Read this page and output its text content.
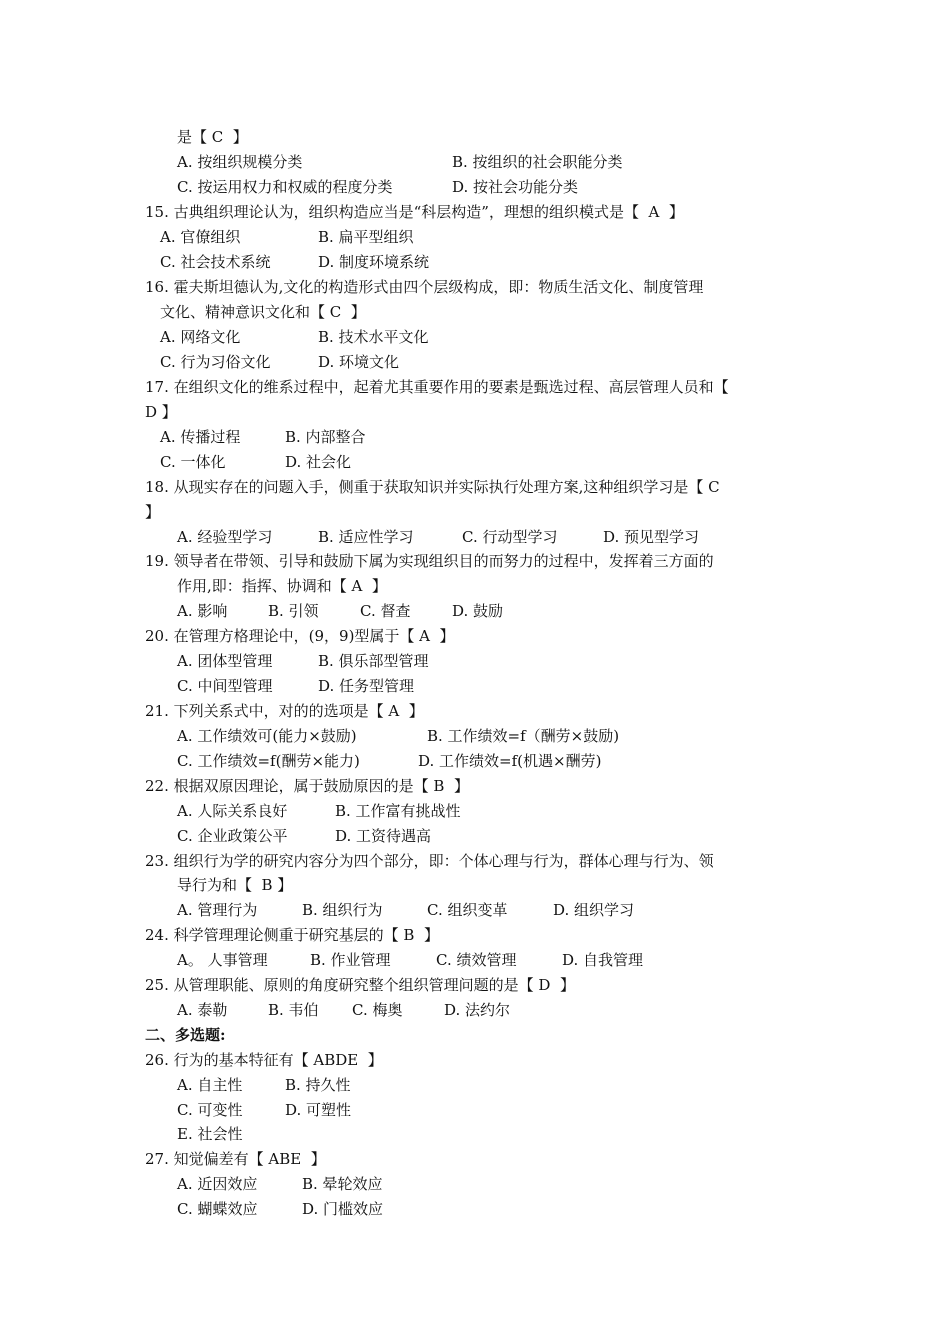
是【 C  】
A. 按组织规模分类	B. 按组织的社会职能分类
C. 按运用权力和权威的程度分类	D. 按社会功能分类
15. 古典组织理论认为，组织构造应当是“科层构造”，理想的组织模式是【  A  】
A. 官僚组织	B. 扁平型组织
C. 社会技术系统	D. 制度环境系统
16. 霍夫斯坦德认为,文化的构造形式由四个层级构成，即：物质生活文化、制度管理
文化、精神意识文化和【 C  】
A. 网络文化	B. 技术水平文化
C. 行为习俗文化	D. 环境文化
17. 在组织文化的维系过程中，起着尤其重要作用的要素是甄选过程、高层管理人员和【
D 】
A. 传播过程	B. 内部整合
C. 一体化	D. 社会化
18. 从现实存在的问题入手，侧重于获取知识并实际执行处理方案,这种组织学习是【 C
】
A. 经验型学习	B. 适应性学习	C. 行动型学习	D. 预见型学习
19. 领导者在带领、引导和鼓励下属为实现组织目的而努力的过程中，发挥着三方面的
作用,即：指挥、协调和【 A  】
A. 影响	B. 引领	C. 督查	D. 鼓励
20. 在管理方格理论中，(9，9)型属于【 A  】
A. 团体型管理	B. 俱乐部型管理
C. 中间型管理	D. 任务型管理
21. 下列关系式中，对的的选项是【 A  】
A. 工作绩效可(能力×鼓励)	B. 工作绩效=f（酬劳×鼓励)
C. 工作绩效=f(酬劳×能力)	D. 工作绩效=f(机遇×酬劳)
22. 根据双原因理论，属于鼓励原因的是【 B  】
A. 人际关系良好	B. 工作富有挑战性
C. 企业政策公平	D. 工资待遇高
23. 组织行为学的研究内容分为四个部分，即：个体心理与行为，群体心理与行为、领
导行为和【  B 】
A. 管理行为	B. 组织行为	C. 组织变革	D. 组织学习
24. 科学管理理论侧重于研究基层的【 B  】
A。 人事管理	B. 作业管理	C. 绩效管理	D. 自我管理
25. 从管理职能、原则的角度研究整个组织管理问题的是【 D  】
A. 泰勒	B. 韦伯 C. 梅奥	D. 法约尔
二、多选题:
26. 行为的基本特征有【 ABDE  】
A. 自主性	B. 持久性
C. 可变性	D. 可塑性
E. 社会性
27. 知觉偏差有【 ABE  】
A. 近因效应	B. 晕轮效应
C. 蝴蝶效应	D. 门槛效应
